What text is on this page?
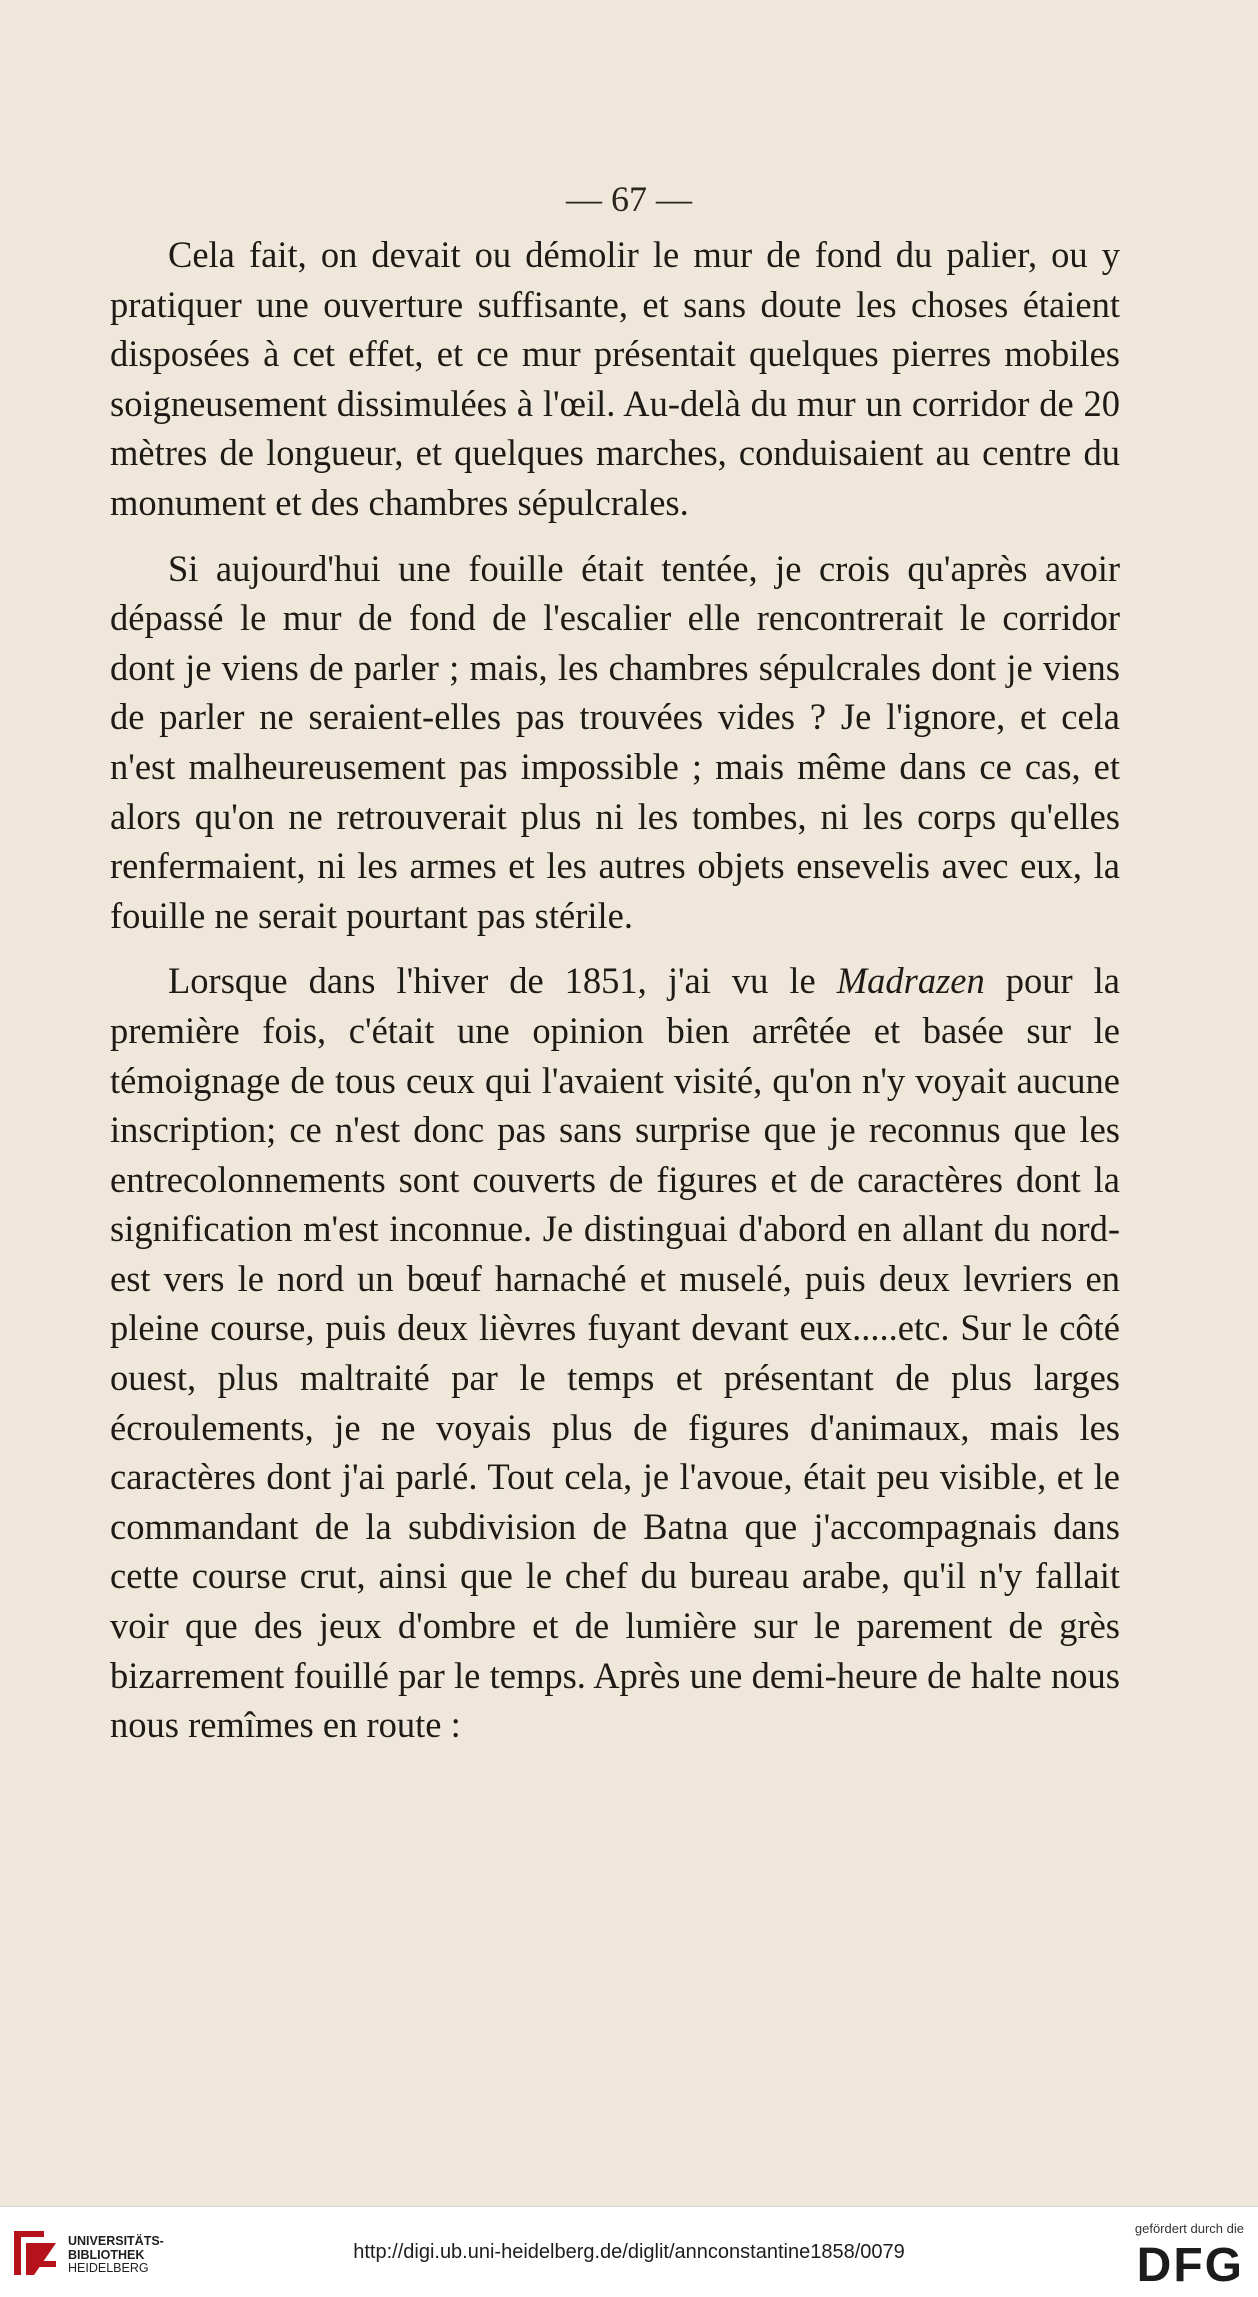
— 67 —

Cela fait, on devait ou démolir le mur de fond du palier, ou y pratiquer une ouverture suffisante, et sans doute les choses étaient disposées à cet effet, et ce mur présentait quelques pierres mobiles soigneusement dissimulées à l'œil. Au-delà du mur un corridor de 20 mètres de longueur, et quelques marches, conduisaient au centre du monument et des chambres sépulcrales.

Si aujourd'hui une fouille était tentée, je crois qu'après avoir dépassé le mur de fond de l'escalier elle rencontrerait le corridor dont je viens de parler ; mais, les chambres sépulcrales dont je viens de parler ne seraient-elles pas trouvées vides ? Je l'ignore, et cela n'est malheureusement pas impossible ; mais même dans ce cas, et alors qu'on ne retrouverait plus ni les tombes, ni les corps qu'elles renfermaient, ni les armes et les autres objets ensevelis avec eux, la fouille ne serait pourtant pas stérile.

Lorsque dans l'hiver de 1851, j'ai vu le Madrazen pour la première fois, c'était une opinion bien arrêtée et basée sur le témoignage de tous ceux qui l'avaient visité, qu'on n'y voyait aucune inscription; ce n'est donc pas sans surprise que je reconnus que les entrecolonnements sont couverts de figures et de caractères dont la signification m'est inconnue. Je distinguai d'abord en allant du nord-est vers le nord un bœuf harnaché et muselé, puis deux levriers en pleine course, puis deux lièvres fuyant devant eux.....etc. Sur le côté ouest, plus maltraité par le temps et présentant de plus larges écroulements, je ne voyais plus de figures d'animaux, mais les caractères dont j'ai parlé. Tout cela, je l'avoue, était peu visible, et le commandant de la subdivision de Batna que j'accompagnais dans cette course crut, ainsi que le chef du bureau arabe, qu'il n'y fallait voir que des jeux d'ombre et de lumière sur le parement de grès bizarrement fouillé par le temps. Après une demi-heure de halte nous nous remîmes en route :

UNIVERSITÄTS-
BIBLIOTHEK
HEIDELBERG
http://digi.ub.uni-heidelberg.de/diglit/annconstantine1858/0079
gefördert durch die
DFG
